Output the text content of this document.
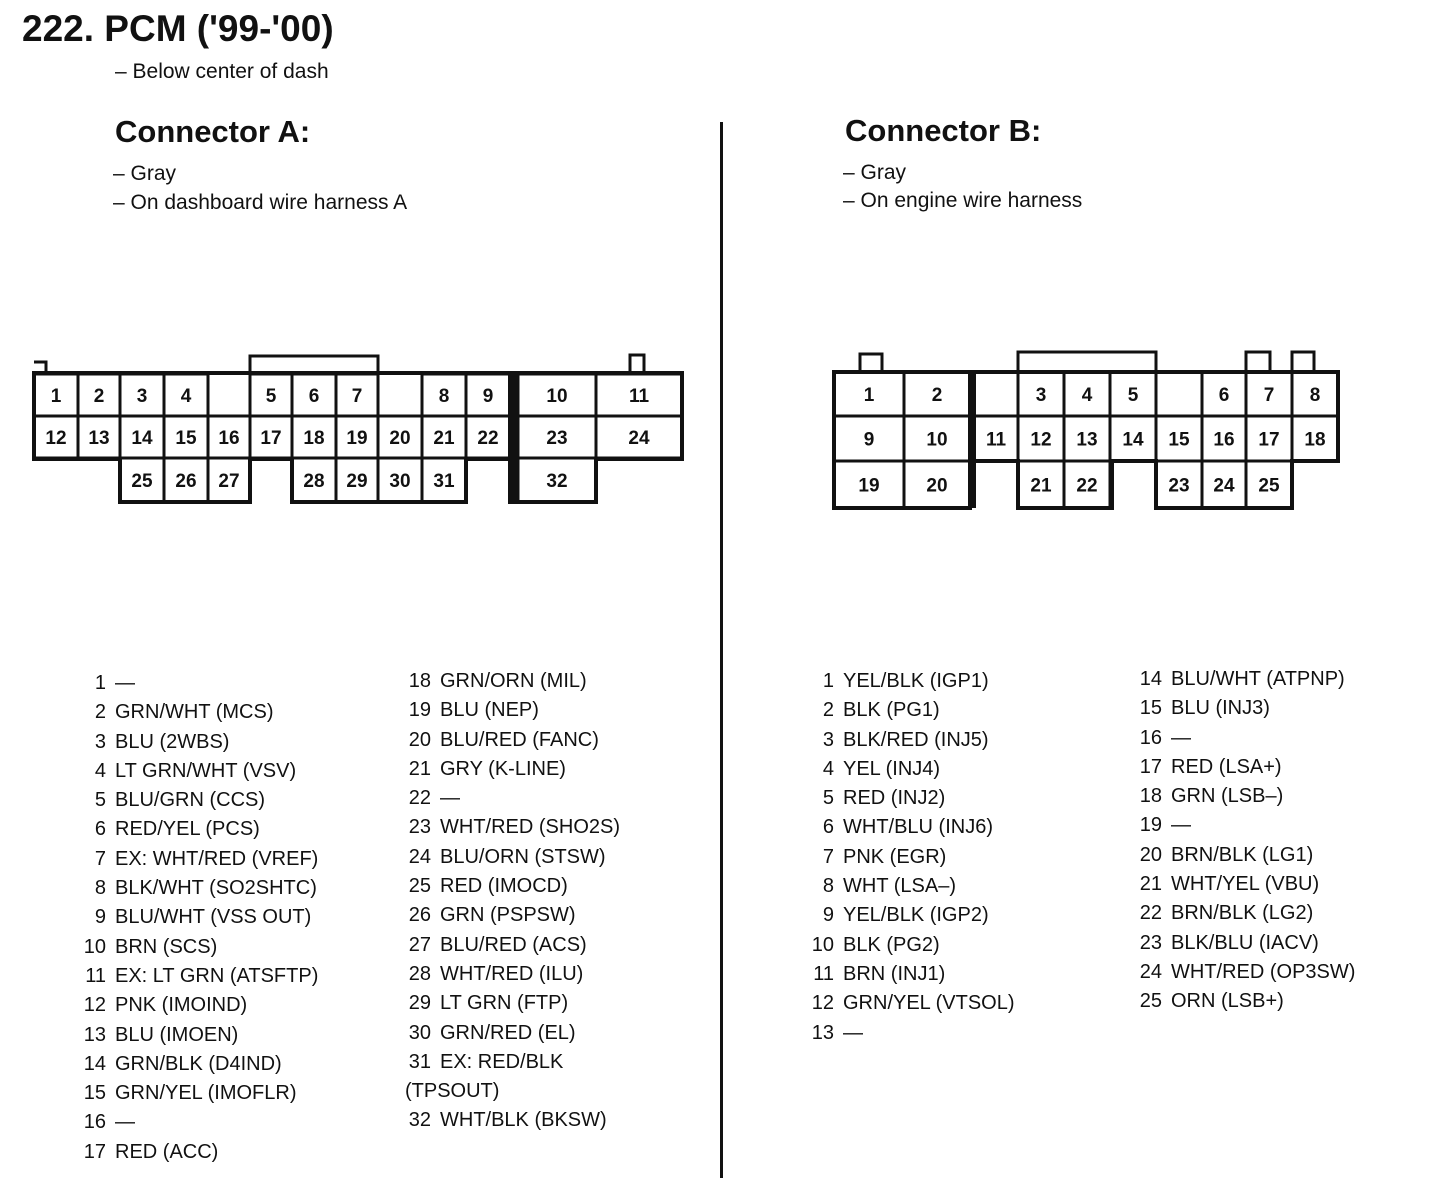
222. PCM ('99-'00)
– Below center of dash
Connector A:
– Gray
– On dashboard wire harness A
Connector B:
– Gray
– On engine wire harness
1 2 3 4	5 6 7	8 9	10	11
12 13 14 15 16 17 18 19 20 21 22	23	24
25 26 27	28 29 30 31	32
1	2	3 4 5	6 7 8
9	10 11 12 13 14 15 16 17 18
19 20	21 22	23 24 25
1 —
2 GRN/WHT (MCS)
3 BLU (2WBS)
4 LT GRN/WHT (VSV)
5 BLU/GRN (CCS)
6 RED/YEL (PCS)
7 EX: WHT/RED (VREF)
8 BLK/WHT (SO2SHTC)
9 BLU/WHT (VSS OUT)
10 BRN (SCS)
11 EX: LT GRN (ATSFTP)
12 PNK (IMOIND)
13 BLU (IMOEN)
14 GRN/BLK (D4IND)
15 GRN/YEL (IMOFLR)
16 —
17 RED (ACC)
18 GRN/ORN (MIL)
19 BLU (NEP)
20 BLU/RED (FANC)
21 GRY (K-LINE)
22 —
23 WHT/RED (SHO2S)
24 BLU/ORN (STSW)
25 RED (IMOCD)
26 GRN (PSPSW)
27 BLU/RED (ACS)
28 WHT/RED (ILU)
29 LT GRN (FTP)
30 GRN/RED (EL)
31 EX: RED/BLK
(TPSOUT)
32 WHT/BLK (BKSW)
1 YEL/BLK (IGP1)
2 BLK (PG1)
3 BLK/RED (INJ5)
4 YEL (INJ4)
5 RED (INJ2)
6 WHT/BLU (INJ6)
7 PNK (EGR)
8 WHT (LSA–)
9 YEL/BLK (IGP2)
10 BLK (PG2)
11 BRN (INJ1)
12 GRN/YEL (VTSOL)
13 —
14 BLU/WHT (ATPNP)
15 BLU (INJ3)
16 —
17 RED (LSA+)
18 GRN (LSB–)
19 —
20 BRN/BLK (LG1)
21 WHT/YEL (VBU)
22 BRN/BLK (LG2)
23 BLK/BLU (IACV)
24 WHT/RED (OP3SW)
25 ORN (LSB+)
